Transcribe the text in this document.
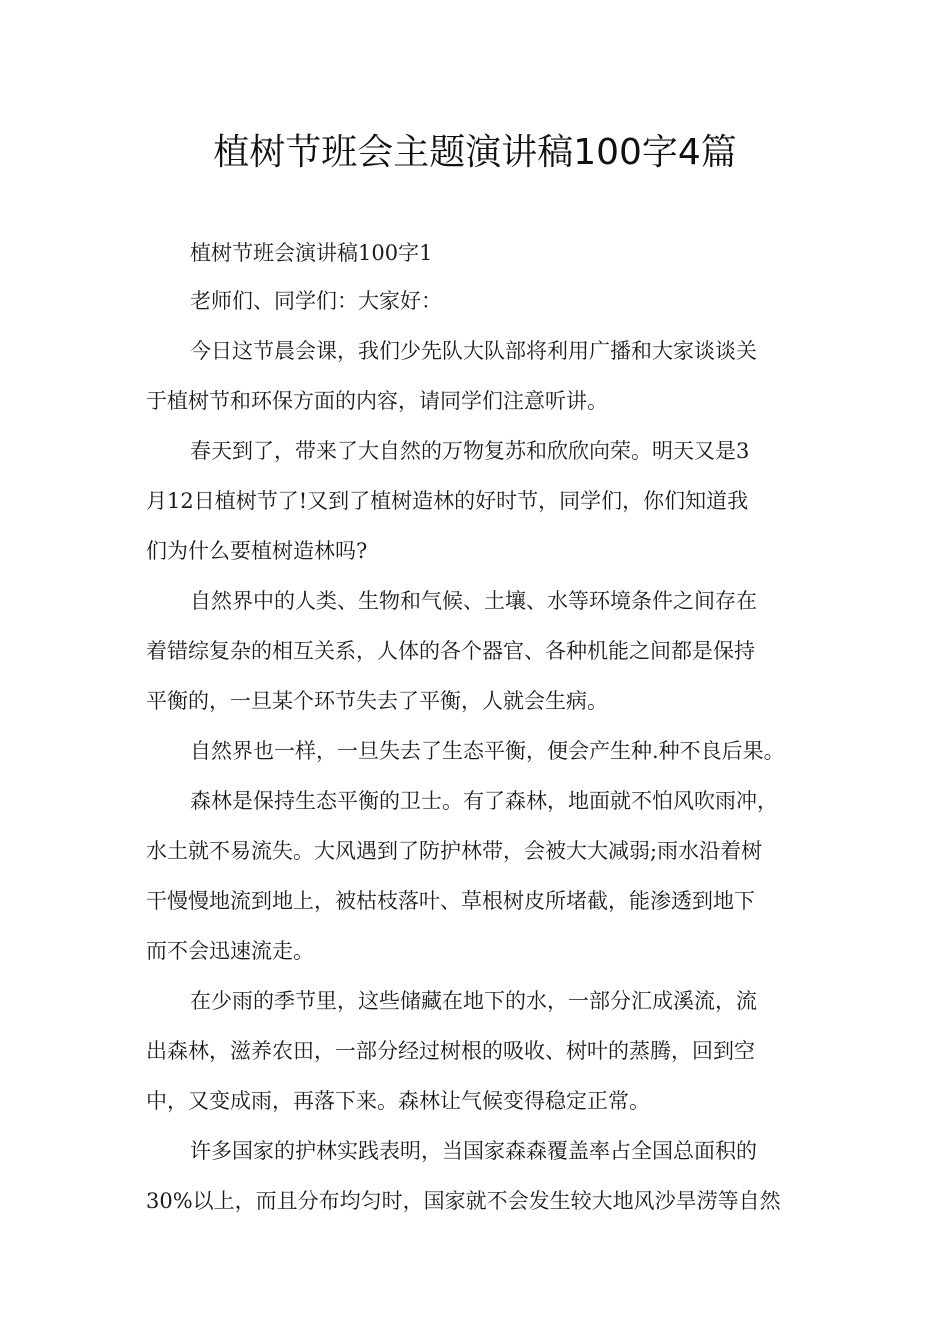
植树节班会主题演讲稿100字4篇
植树节班会演讲稿100字1
老师们、同学们：大家好：
今日这节晨会课，我们少先队大队部将利用广播和大家谈谈关
于植树节和环保方面的内容，请同学们注意听讲。
春天到了，带来了大自然的万物复苏和欣欣向荣。明天又是3
月12日植树节了!又到了植树造林的好时节，同学们，你们知道我
们为什么要植树造林吗?
自然界中的人类、生物和气候、土壤、水等环境条件之间存在
着错综复杂的相互关系，人体的各个器官、各种机能之间都是保持
平衡的，一旦某个环节失去了平衡，人就会生病。
自然界也一样，一旦失去了生态平衡，便会产生种.种不良后果。
森林是保持生态平衡的卫士。有了森林，地面就不怕风吹雨冲，
水土就不易流失。大风遇到了防护林带，会被大大减弱;雨水沿着树
干慢慢地流到地上，被枯枝落叶、草根树皮所堵截，能渗透到地下
而不会迅速流走。
在少雨的季节里，这些储藏在地下的水，一部分汇成溪流，流
出森林，滋养农田，一部分经过树根的吸收、树叶的蒸腾，回到空
中，又变成雨，再落下来。森林让气候变得稳定正常。
许多国家的护林实践表明，当国家森森覆盖率占全国总面积的
30%以上，而且分布均匀时，国家就不会发生较大地风沙旱涝等自然
